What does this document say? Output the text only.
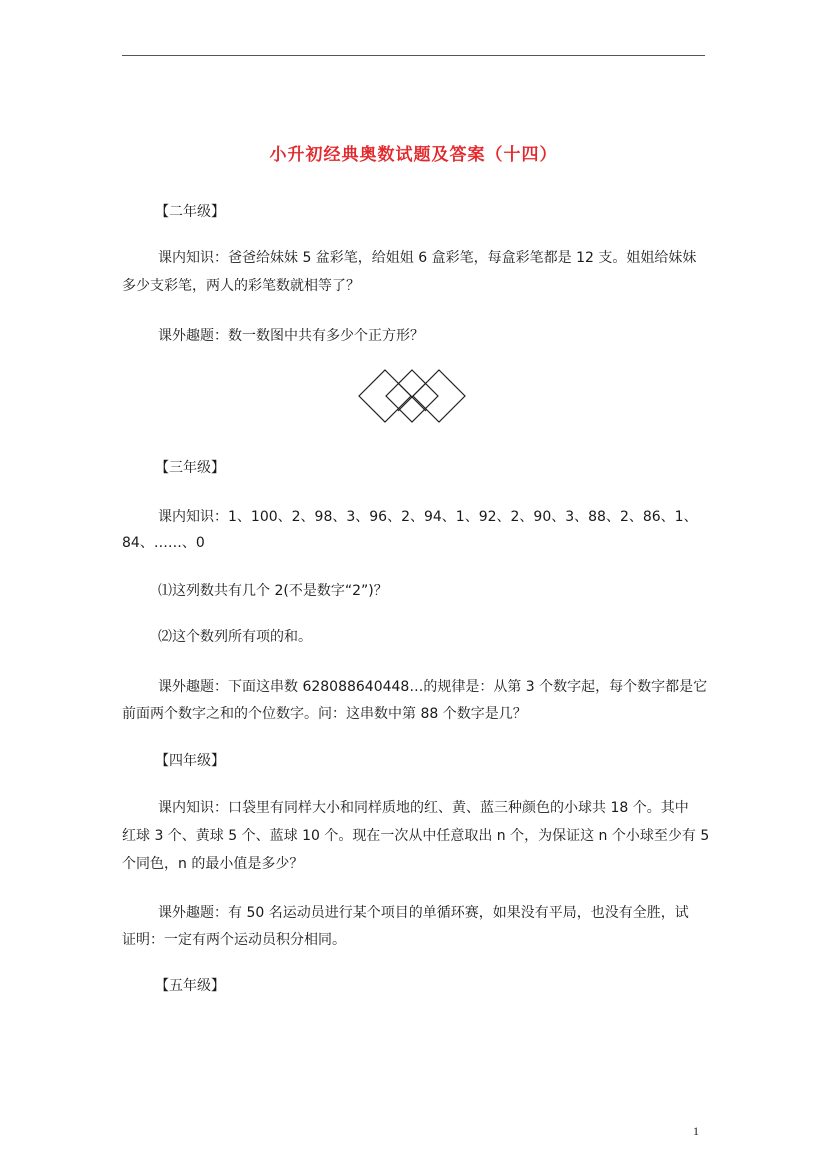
小升初经典奥数试题及答案（十四）
【二年级】
课内知识：爸爸给妹妹 5 盆彩笔，给姐姐 6 盒彩笔，每盒彩笔都是 12 支。姐姐给妹妹
多少支彩笔，两人的彩笔数就相等了？
课外趣题：数一数图中共有多少个正方形？
【三年级】
课内知识：1、100、2、98、3、96、2、94、1、92、2、90、3、88、2、86、1、
84、……、0
⑴这列数共有几个 2(不是数字“2”)？
⑵这个数列所有项的和。
课外趣题：下面这串数 628088640448…的规律是：从第 3 个数字起，每个数字都是它
前面两个数字之和的个位数字。问：这串数中第 88 个数字是几？
【四年级】
课内知识：口袋里有同样大小和同样质地的红、黄、蓝三种颜色的小球共 18 个。其中
红球 3 个、黄球 5 个、蓝球 10 个。现在一次从中任意取出 n 个，为保证这 n 个小球至少有 5
个同色，n 的最小值是多少？
课外趣题：有 50 名运动员进行某个项目的单循环赛，如果没有平局，也没有全胜，试
证明：一定有两个运动员积分相同。
【五年级】
1
